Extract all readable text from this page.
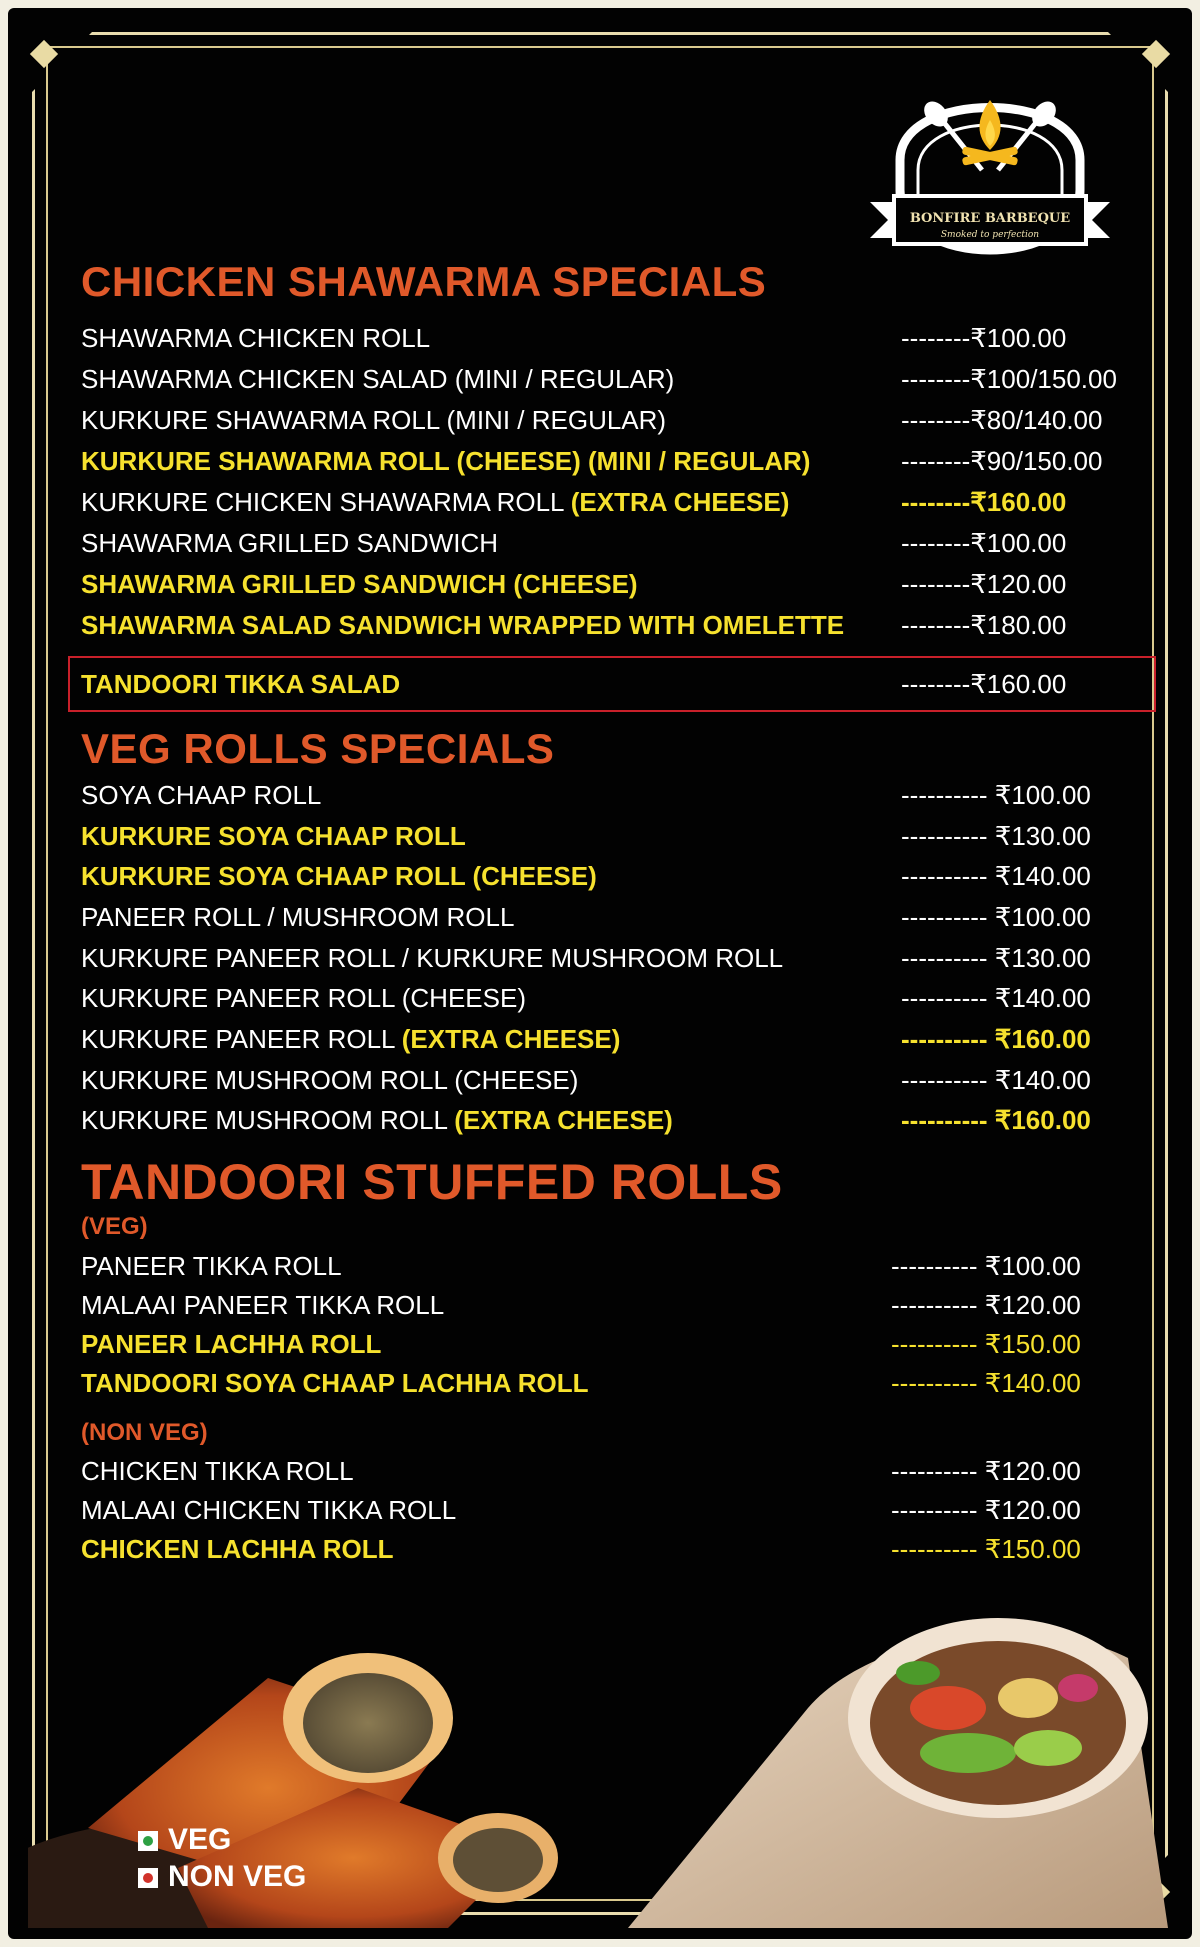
BONFIRE BARBEQUE
Smoked to perfection
CHICKEN SHAWARMA SPECIALS
SHAWARMA CHICKEN ROLL	--------₹100.00
SHAWARMA CHICKEN SALAD (MINI / REGULAR)	--------₹100/150.00
KURKURE SHAWARMA ROLL (MINI / REGULAR)	--------₹80/140.00
KURKURE SHAWARMA ROLL (CHEESE) (MINI / REGULAR)	--------₹90/150.00
KURKURE CHICKEN SHAWARMA ROLL (EXTRA CHEESE)	--------₹160.00
SHAWARMA GRILLED SANDWICH	--------₹100.00
SHAWARMA GRILLED SANDWICH (CHEESE)	--------₹120.00
SHAWARMA SALAD SANDWICH WRAPPED WITH OMELETTE --------₹180.00
TANDOORI TIKKA SALAD	--------₹160.00
VEG ROLLS SPECIALS
SOYA CHAAP ROLL	---------- ₹100.00
KURKURE SOYA CHAAP ROLL	---------- ₹130.00
KURKURE SOYA CHAAP ROLL (CHEESE)	---------- ₹140.00
PANEER ROLL / MUSHROOM ROLL	---------- ₹100.00
KURKURE PANEER ROLL / KURKURE MUSHROOM ROLL	---------- ₹130.00
KURKURE PANEER ROLL (CHEESE)	---------- ₹140.00
KURKURE PANEER ROLL (EXTRA CHEESE)	---------- ₹160.00
KURKURE MUSHROOM ROLL (CHEESE)	---------- ₹140.00
KURKURE MUSHROOM ROLL (EXTRA CHEESE)	---------- ₹160.00
TANDOORI STUFFED ROLLS

(VEG)

PANEER TIKKA ROLL	---------- ₹100.00
MALAAI PANEER TIKKA ROLL	---------- ₹120.00
PANEER LACHHA ROLL	---------- ₹150.00
TANDOORI SOYA CHAAP LACHHA ROLL	---------- ₹140.00

(NON VEG)

CHICKEN TIKKA ROLL	---------- ₹120.00
MALAAI CHICKEN TIKKA ROLL	---------- ₹120.00
CHICKEN LACHHA ROLL	---------- ₹150.00
VEG
NON VEG
